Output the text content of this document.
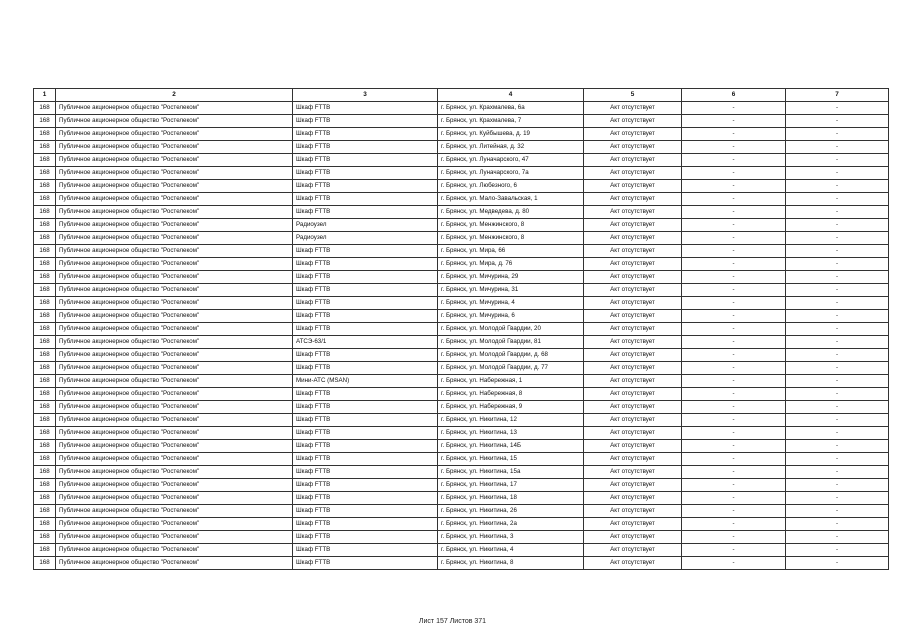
1	2	3	4	5	6	7
168	Публичное акционерное общество "Ростелеком"	Шкаф FTTB	г. Брянск, ул. Крахмалева, 6а	Акт отсутствует	-	-
168	Публичное акционерное общество "Ростелеком"	Шкаф FTTB	г. Брянск, ул. Крахмалева, 7	Акт отсутствует	-	-
168	Публичное акционерное общество "Ростелеком"	Шкаф FTTB	г. Брянск, ул. Куйбышева, д. 19	Акт отсутствует	-	-
168	Публичное акционерное общество "Ростелеком"	Шкаф FTTB	г. Брянск, ул. Литейная, д. 32	Акт отсутствует	-	-
168	Публичное акционерное общество "Ростелеком"	Шкаф FTTB	г. Брянск, ул. Луначарского, 47	Акт отсутствует	-	-
168	Публичное акционерное общество "Ростелеком"	Шкаф FTTB	г. Брянск, ул. Луначарского, 7а	Акт отсутствует	-	-
168	Публичное акционерное общество "Ростелеком"	Шкаф FTTB	г. Брянск, ул. Любезного, 6	Акт отсутствует	-	-
168	Публичное акционерное общество "Ростелеком"	Шкаф FTTB	г. Брянск, ул. Мало-Завальская, 1	Акт отсутствует	-	-
168	Публичное акционерное общество "Ростелеком"	Шкаф FTTB	г. Брянск, ул. Медведева, д. 80	Акт отсутствует	-	-
168	Публичное акционерное общество "Ростелеком"	Радиоузел	г. Брянск, ул. Менжинского, 8	Акт отсутствует	-	-
168	Публичное акционерное общество "Ростелеком"	Радиоузел	г. Брянск, ул. Менжинского, 8	Акт отсутствует	-	-
168	Публичное акционерное общество "Ростелеком"	Шкаф FTTB	г. Брянск, ул. Мира, 66	Акт отсутствует	-	-
168	Публичное акционерное общество "Ростелеком"	Шкаф FTTB	г. Брянск, ул. Мира, д. 76	Акт отсутствует	-	-
168	Публичное акционерное общество "Ростелеком"	Шкаф FTTB	г. Брянск, ул. Мичурина, 29	Акт отсутствует	-	-
168	Публичное акционерное общество "Ростелеком"	Шкаф FTTB	г. Брянск, ул. Мичурина, 31	Акт отсутствует	-	-
168	Публичное акционерное общество "Ростелеком"	Шкаф FTTB	г. Брянск, ул. Мичурина, 4	Акт отсутствует	-	-
168	Публичное акционерное общество "Ростелеком"	Шкаф FTTB	г. Брянск, ул. Мичурина, 6	Акт отсутствует	-	-
168	Публичное акционерное общество "Ростелеком"	Шкаф FTTB	г. Брянск, ул. Молодой Гвардии, 20	Акт отсутствует	-	-
168	Публичное акционерное общество "Ростелеком"	АТСЭ-63/1	г. Брянск, ул. Молодой Гвардии, 81	Акт отсутствует	-	-
168	Публичное акционерное общество "Ростелеком"	Шкаф FTTB	г. Брянск, ул. Молодой Гвардии, д. 68	Акт отсутствует	-	-
168	Публичное акционерное общество "Ростелеком"	Шкаф FTTB	г. Брянск, ул. Молодой Гвардии, д. 77	Акт отсутствует	-	-
168	Публичное акционерное общество "Ростелеком"	Мини-АТС (MSAN)	г. Брянск, ул. Набережная, 1	Акт отсутствует	-	-
168	Публичное акционерное общество "Ростелеком"	Шкаф FTTB	г. Брянск, ул. Набережная, 8	Акт отсутствует	-	-
168	Публичное акционерное общество "Ростелеком"	Шкаф FTTB	г. Брянск, ул. Набережная, 9	Акт отсутствует	-	-
168	Публичное акционерное общество "Ростелеком"	Шкаф FTTB	г. Брянск, ул. Никитина, 12	Акт отсутствует	-	-
168	Публичное акционерное общество "Ростелеком"	Шкаф FTTB	г. Брянск, ул. Никитина, 13	Акт отсутствует	-	-
168	Публичное акционерное общество "Ростелеком"	Шкаф FTTB	г. Брянск, ул. Никитина, 14Б	Акт отсутствует	-	-
168	Публичное акционерное общество "Ростелеком"	Шкаф FTTB	г. Брянск, ул. Никитина, 15	Акт отсутствует	-	-
168	Публичное акционерное общество "Ростелеком"	Шкаф FTTB	г. Брянск, ул. Никитина, 15а	Акт отсутствует	-	-
168	Публичное акционерное общество "Ростелеком"	Шкаф FTTB	г. Брянск, ул. Никитина, 17	Акт отсутствует	-	-
168	Публичное акционерное общество "Ростелеком"	Шкаф FTTB	г. Брянск, ул. Никитина, 18	Акт отсутствует	-	-
168	Публичное акционерное общество "Ростелеком"	Шкаф FTTB	г. Брянск, ул. Никитина, 26	Акт отсутствует	-	-
168	Публичное акционерное общество "Ростелеком"	Шкаф FTTB	г. Брянск, ул. Никитина, 2а	Акт отсутствует	-	-
168	Публичное акционерное общество "Ростелеком"	Шкаф FTTB	г. Брянск, ул. Никитина, 3	Акт отсутствует	-	-
168	Публичное акционерное общество "Ростелеком"	Шкаф FTTB	г. Брянск, ул. Никитина, 4	Акт отсутствует	-	-
168	Публичное акционерное общество "Ростелеком"	Шкаф FTTB	г. Брянск, ул. Никитина, 8	Акт отсутствует	-	-
Лист 157 Листов 371
